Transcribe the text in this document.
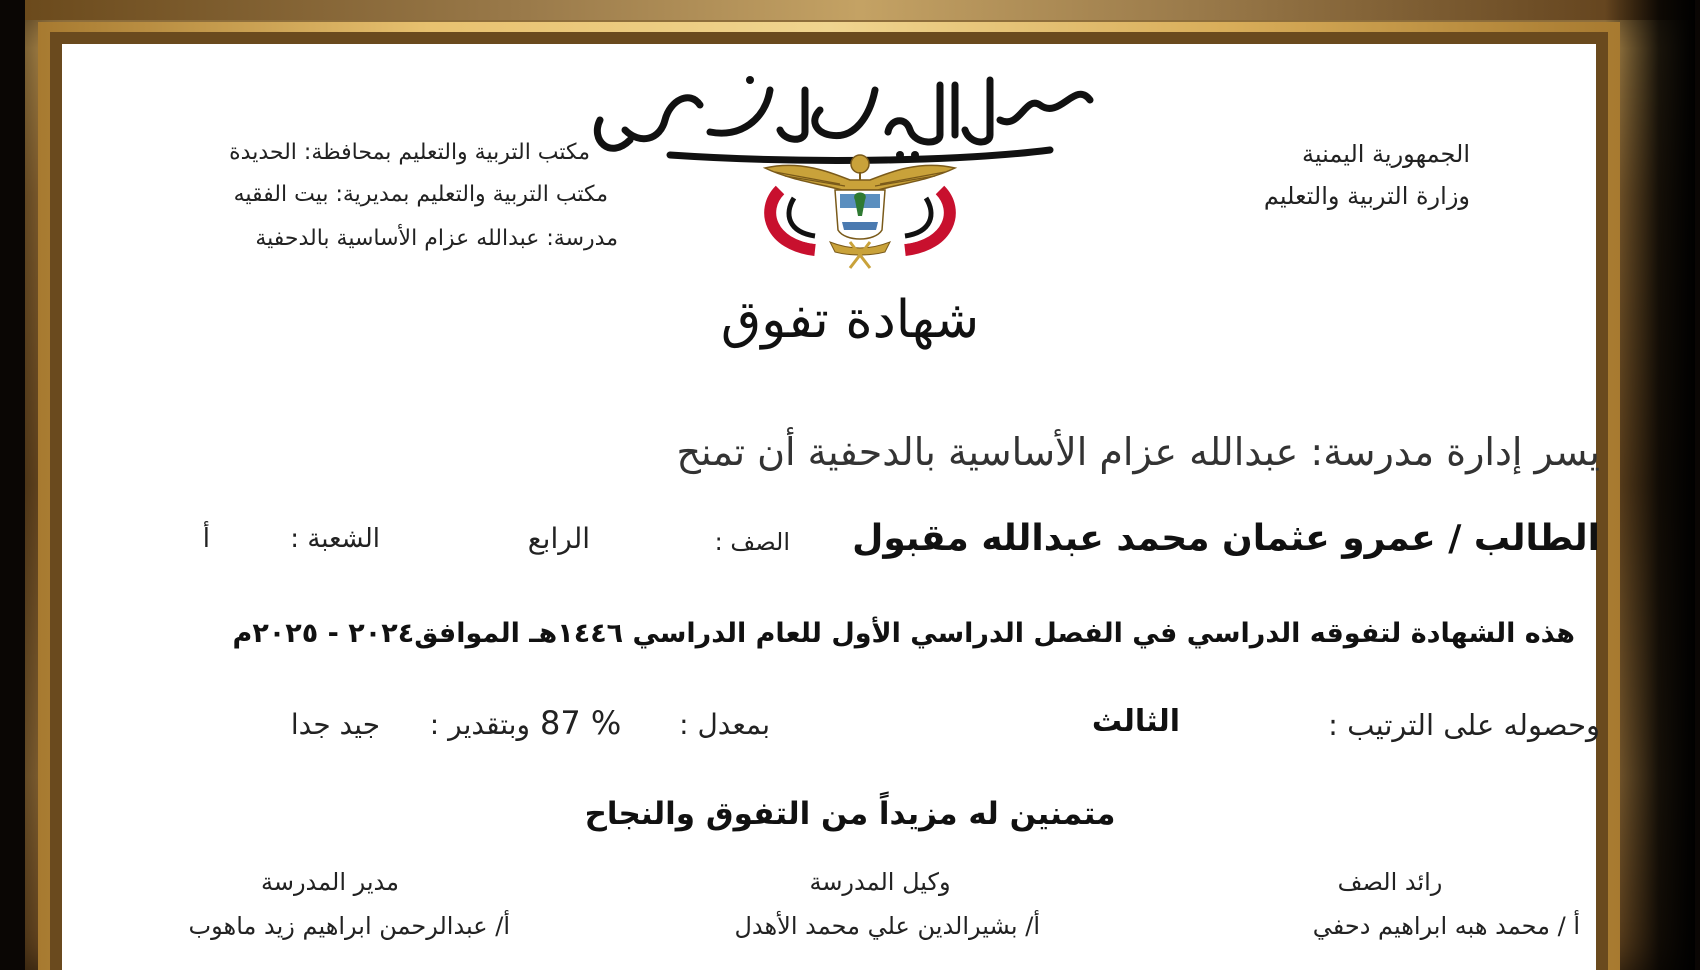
الجمهورية اليمنية
وزارة التربية والتعليم
مكتب التربية والتعليم بمحافظة: الحديدة
مكتب التربية والتعليم بمديرية: بيت الفقيه
مدرسة: عبدالله عزام الأساسية بالدحفية
شهادة تفوق
يسر إدارة مدرسة: عبدالله عزام الأساسية بالدحفية أن تمنح
الطالب / عمرو عثمان محمد عبدالله مقبول
الصف :
الرابع
الشعبة :
أ
هذه الشهادة لتفوقه الدراسي في الفصل الدراسي الأول للعام الدراسي ١٤٤٦هـ الموافق٢٠٢٤ - ٢٠٢٥م
وحصوله على الترتيب :
الثالث
بمعدل :
87 %
وبتقدير :
جيد جدا
متمنين له مزيداً من التفوق والنجاح
رائد الصف
أ / محمد هبه ابراهيم دحفي
وكيل المدرسة
أ/ بشيرالدين علي محمد الأهدل
مدير المدرسة
أ/ عبدالرحمن ابراهيم زيد ماهوب
